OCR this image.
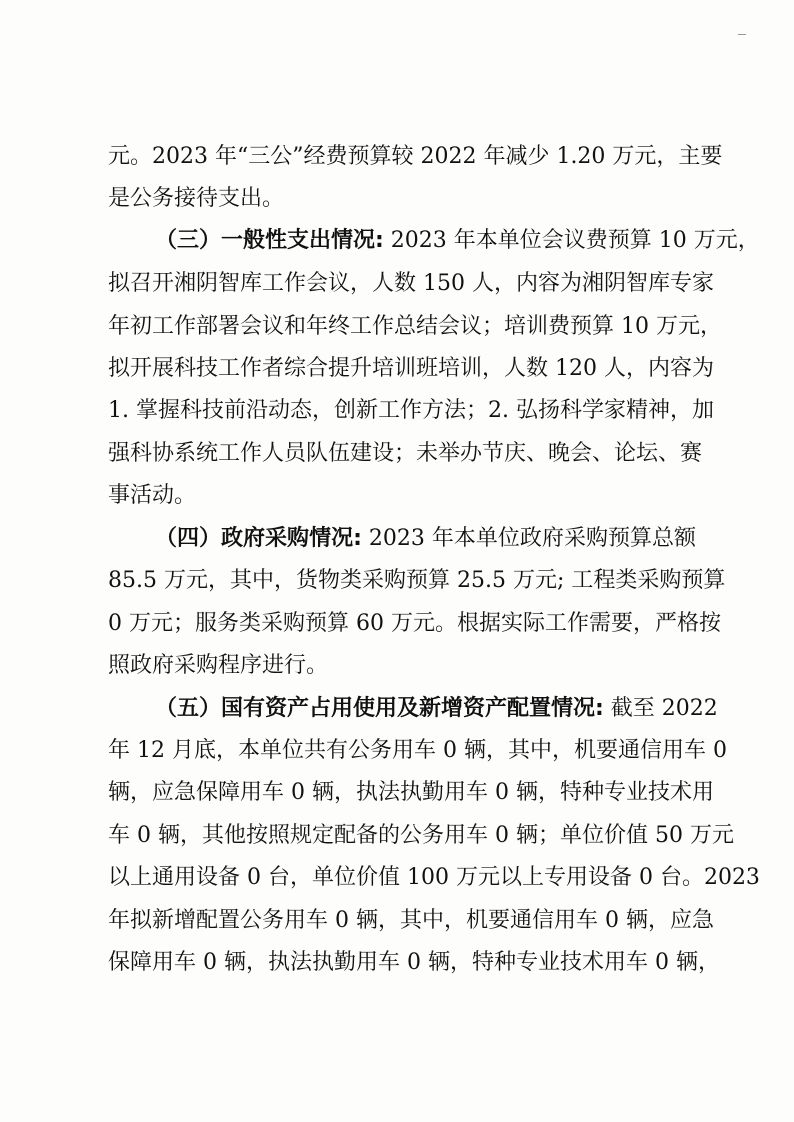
元。2023 年“三公”经费预算较 2022 年减少 1.20 万元，主要
是公务接待支出。
（三）一般性支出情况: 2023 年本单位会议费预算 10 万元，
拟召开湘阴智库工作会议，人数 150 人，内容为湘阴智库专家
年初工作部署会议和年终工作总结会议；培训费预算 10 万元，
拟开展科技工作者综合提升培训班培训，人数 120 人，内容为
1. 掌握科技前沿动态，创新工作方法；2. 弘扬科学家精神，加
强科协系统工作人员队伍建设；未举办节庆、晚会、论坛、赛
事活动。
（四）政府采购情况: 2023 年本单位政府采购预算总额
85.5 万元，其中，货物类采购预算 25.5 万元; 工程类采购预算
0 万元；服务类采购预算 60 万元。根据实际工作需要，严格按
照政府采购程序进行。
（五）国有资产占用使用及新增资产配置情况: 截至 2022
年 12 月底，本单位共有公务用车 0 辆，其中，机要通信用车 0
辆，应急保障用车 0 辆，执法执勤用车 0 辆，特种专业技术用
车 0 辆，其他按照规定配备的公务用车 0 辆；单位价值 50 万元
以上通用设备 0 台，单位价值 100 万元以上专用设备 0 台。2023
年拟新增配置公务用车 0 辆，其中，机要通信用车 0 辆，应急
保障用车 0 辆，执法执勤用车 0 辆，特种专业技术用车 0 辆，
